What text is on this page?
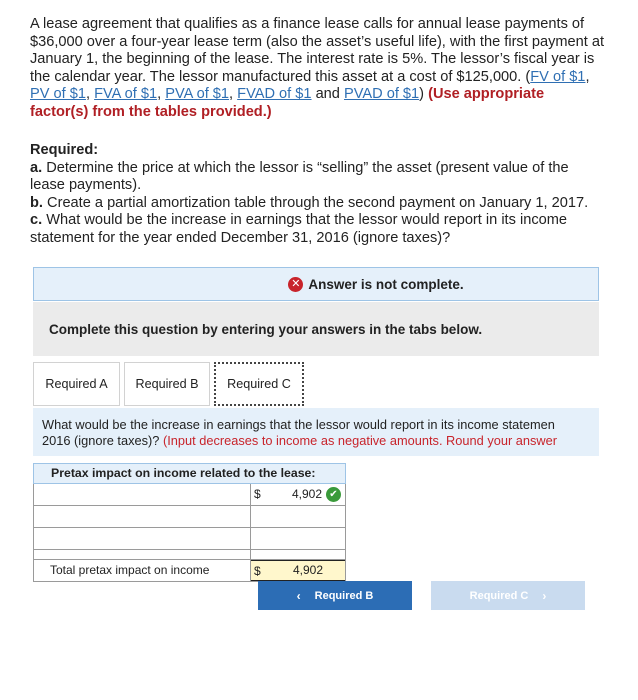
A lease agreement that qualifies as a finance lease calls for annual lease payments of $36,000 over a four-year lease term (also the asset’s useful life), with the first payment at January 1, the beginning of the lease. The interest rate is 5%. The lessor’s fiscal year is the calendar year. The lessor manufactured this asset at a cost of $125,000. (FV of $1, PV of $1, FVA of $1, PVA of $1, FVAD of $1 and PVAD of $1) (Use appropriate factor(s) from the tables provided.)
Required:
a. Determine the price at which the lessor is “selling” the asset (present value of the lease payments).
b. Create a partial amortization table through the second payment on January 1, 2017.
c. What would be the increase in earnings that the lessor would report in its income statement for the year ended December 31, 2016 (ignore taxes)?
✕ Answer is not complete.
Complete this question by entering your answers in the tabs below.
Required A	Required B	Required C
What would be the increase in earnings that the lessor would report in its income statemen
2016 (ignore taxes)? (Input decreases to income as negative amounts. Round your answer
Pretax impact on income related to the lease:
$	4,902 ✔
Total pretax impact on income	$	4,902
‹ Required B	Required C ›
